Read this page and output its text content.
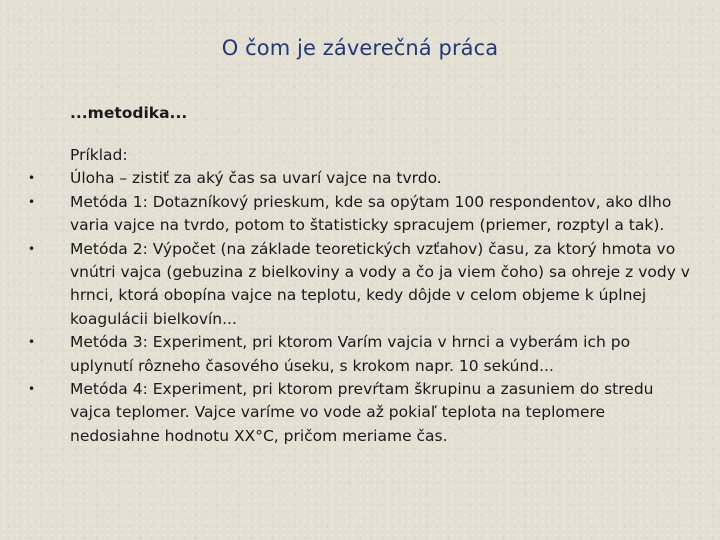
O čom je záverečná práca
...metodika...
Príklad:
• Úloha – zistiť za aký čas sa uvarí vajce na tvrdo.
• Metóda 1: Dotazníkový prieskum, kde sa opýtam 100 respondentov, ako dlho varia vajce na tvrdo, potom to štatisticky spracujem (priemer, rozptyl a tak).
• Metóda 2: Výpočet (na základe teoretických vzťahov) času, za ktorý hmota vo vnútri vajca (gebuzina z bielkoviny a vody a čo ja viem čoho) sa ohreje z vody v hrnci, ktorá obopína vajce na teplotu, kedy dôjde v celom objeme k úplnej koagulácii bielkovín...
• Metóda 3: Experiment, pri ktorom Varím vajcia v hrnci a vyberám ich po uplynutí rôzneho časového úseku, s krokom napr. 10 sekúnd...
• Metóda 4: Experiment, pri ktorom prevŕtam škrupinu a zasuniem do stredu vajca teplomer. Vajce varíme vo vode až pokiaľ teplota na teplomere nedosiahne hodnotu XX°C, pričom meriame čas.
